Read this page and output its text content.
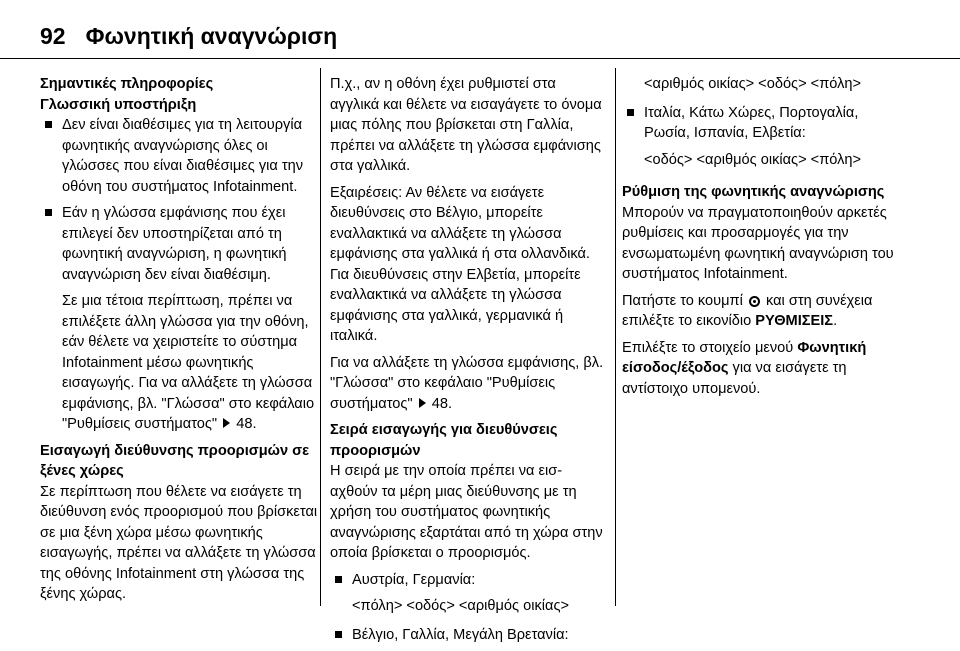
92 Φωνητική αναγνώριση
Σημαντικές πληροφορίες
Γλωσσική υποστήριξη
Δεν είναι διαθέσιμες για τη λειτουργία φωνητικής αναγνώρισης όλες οι γλώσσες που είναι διαθέσιμες για την οθόνη του συστήματος Infotainment.
Εάν η γλώσσα εμφάνισης που έχει επιλεγεί δεν υποστηρίζεται από τη φωνητική αναγνώριση, η φωνητική αναγνώριση δεν είναι διαθέσιμη.
Σε μια τέτοια περίπτωση, πρέπει να επιλέξετε άλλη γλώσσα για την οθόνη, εάν θέλετε να χειριστείτε το σύστημα Infotainment μέσω φωνητικής εισαγωγής. Για να αλλάξετε τη γλώσσα εμφάνισης, βλ. "Γλώσσα" στο κεφάλαιο "Ρυθμίσεις συστήματος" 48.
Εισαγωγή διεύθυνσης προορισμών σε ξένες χώρες

Σε περίπτωση που θέλετε να εισάγετε τη διεύθυνση ενός προορισμού που βρίσκεται σε μια ξένη χώρα μέσω φωνητικής εισαγωγής, πρέπει να αλλάξετε τη γλώσσα της οθόνης Infotainment στη γλώσσα της ξένης χώρας.

Π.χ., αν η οθόνη έχει ρυθμιστεί στα αγγλικά και θέλετε να εισαγάγετε το όνομα μιας πόλης που βρίσκεται στη Γαλλία, πρέπει να αλλάξετε τη γλώσσα εμφάνισης στα γαλλικά.

Εξαιρέσεις: Αν θέλετε να εισάγετε διευθύνσεις στο Βέλγιο, μπορείτε εναλλακτικά να αλλάξετε τη γλώσσα εμφάνισης στα γαλλικά ή στα ολλανδικά. Για διευθύνσεις στην Ελβετία, μπορείτε εναλλακτικά να αλλάξετε τη γλώσσα εμφάνισης στα γαλλικά, γερμανικά ή ιταλικά.

Για να αλλάξετε τη γλώσσα εμφάνισης, βλ. "Γλώσσα" στο κεφάλαιο "Ρυθμίσεις συστήματος" 48.

Σειρά εισαγωγής για διευθύνσεις προορισμών

Η σειρά με την οποία πρέπει να εισαχθούν τα μέρη μιας διεύθυνσης με τη χρήση του συστήματος φωνητικής αναγνώρισης εξαρτάται από τη χώρα στην οποία βρίσκεται ο προορισμός.

Αυστρία, Γερμανία:
<πόλη> <οδός> <αριθμός οικίας>
Βέλγιο, Γαλλία, Μεγάλη Βρετανία:
<αριθμός οικίας> <οδός> <πόλη>
Ιταλία, Κάτω Χώρες, Πορτογαλία, Ρωσία, Ισπανία, Ελβετία:
<οδός> <αριθμός οικίας> <πόλη>
Ρύθμιση της φωνητικής αναγνώρισης

Μπορούν να πραγματοποιηθούν αρκετές ρυθμίσεις και προσαρμογές για την ενσωματωμένη φωνητική αναγνώριση του συστήματος Infotainment.

Πατήστε το κουμπί και στη συνέχεια επιλέξτε το εικονίδιο ΡΥΘΜΙΣΕΙΣ.

Επιλέξτε το στοιχείο μενού Φωνητική είσοδος/έξοδος για να εισάγετε τη αντίστοιχο υπομενού.
